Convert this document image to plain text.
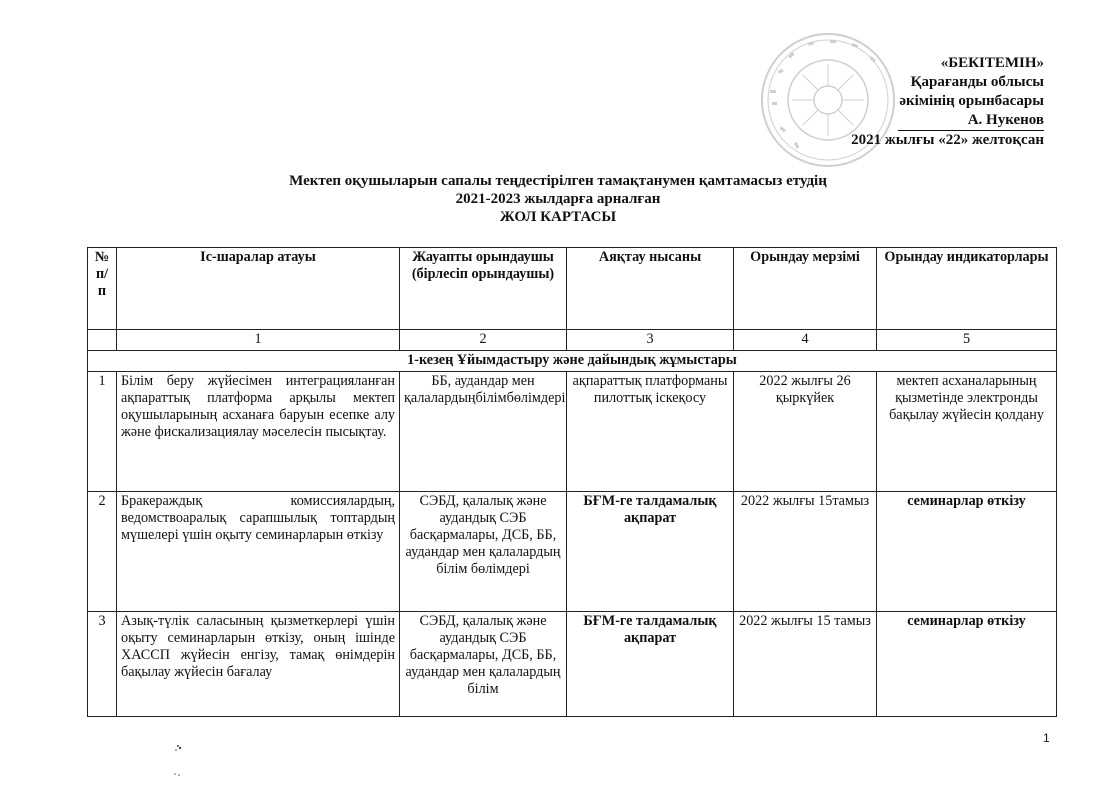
«БЕКІТЕМІН»
Қарағанды облысы
әкімінің орынбасары
А. Нукенов
2021 жылғы «22» желтоқсан
Мектеп оқушыларын сапалы теңдестірілген тамақтанумен қамтамасыз етудің
2021-2023 жылдарға арналған
ЖОЛ КАРТАСЫ
№ п/п	Іс-шаралар атауы	Жауапты орындаушы (бірлесіп орындаушы)	Аяқтау нысаны	Орындау мерзімі	Орындау индикаторлары
	1	2	3	4	5
1-кезең Ұйымдастыру және дайындық жұмыстары					
1	Білім беру жүйесімен интеграцияланған ақпараттық платформа арқылы мектеп оқушыларының асханаға баруын есепке алу және фискализациялау мәселесін пысықтау.	ББ, аудандар мен қалалардыңбілімбөлімдері	ақпараттық платформаны пилоттық іскеқосу	2022 жылғы 26 қыркүйек	мектеп асханаларының қызметінде электронды бақылау жүйесін қолдану
2	Бракераждық комиссиялардың, ведомствоаралық сарапшылық топтардың мүшелері үшін оқыту семинарларын өткізу	СЭБД, қалалық және аудандық СЭБ басқармалары, ДСБ, ББ, аудандар мен қалалардың білім бөлімдері	БҒМ-ге талдамалық ақпарат	2022 жылғы 15тамыз	семинарлар өткізу
3	Азық-түлік саласының қызметкерлері үшін оқыту семинарларын өткізу, оның ішінде ХАССП жүйесін енгізу, тамақ өнімдерін бақылау жүйесін бағалау	СЭБД, қалалық және аудандық СЭБ басқармалары, ДСБ, ББ, аудандар мен қалалардың білім	БҒМ-ге талдамалық ақпарат	2022 жылғы 15 тамыз	семинарлар өткізу
1
